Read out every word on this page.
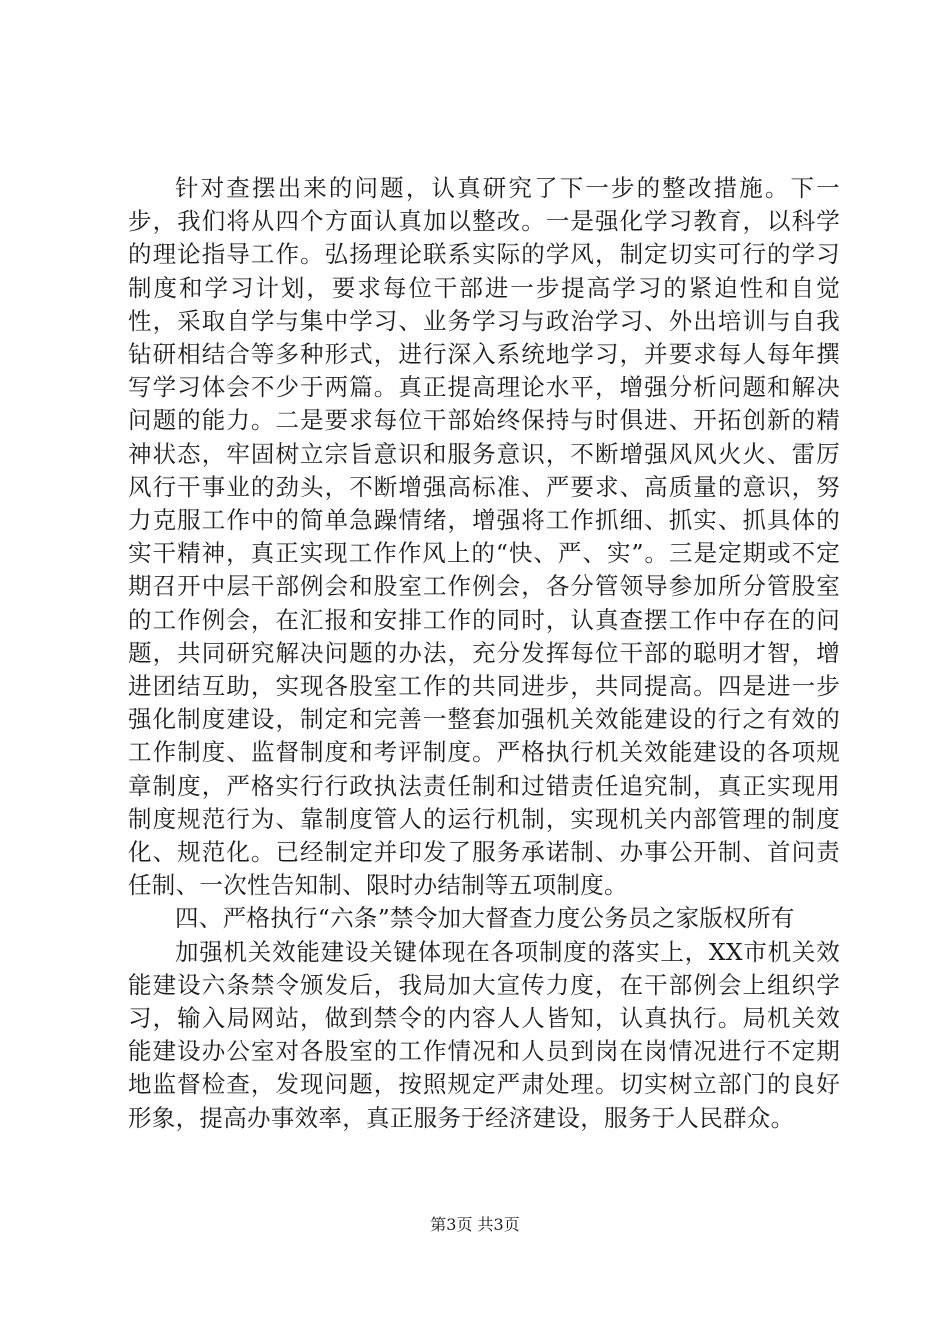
针对查摆出来的问题，认真研究了下一步的整改措施。下一步，我们将从四个方面认真加以整改。一是强化学习教育，以科学的理论指导工作。弘扬理论联系实际的学风，制定切实可行的学习制度和学习计划，要求每位干部进一步提高学习的紧迫性和自觉性，采取自学与集中学习、业务学习与政治学习、外出培训与自我钻研相结合等多种形式，进行深入系统地学习，并要求每人每年撰写学习体会不少于两篇。真正提高理论水平，增强分析问题和解决问题的能力。二是要求每位干部始终保持与时俱进、开拓创新的精神状态，牢固树立宗旨意识和服务意识，不断增强风风火火、雷厉风行干事业的劲头，不断增强高标准、严要求、高质量的意识，努力克服工作中的简单急躁情绪，增强将工作抓细、抓实、抓具体的实干精神，真正实现工作作风上的“快、严、实”。三是定期或不定期召开中层干部例会和股室工作例会，各分管领导参加所分管股室的工作例会，在汇报和安排工作的同时，认真查摆工作中存在的问题，共同研究解决问题的办法，充分发挥每位干部的聪明才智，增进团结互助，实现各股室工作的共同进步，共同提高。四是进一步强化制度建设，制定和完善一整套加强机关效能建设的行之有效的工作制度、监督制度和考评制度。严格执行机关效能建设的各项规章制度，严格实行行政执法责任制和过错责任追究制，真正实现用制度规范行为、靠制度管人的运行机制，实现机关内部管理的制度化、规范化。已经制定并印发了服务承诺制、办事公开制、首问责任制、一次性告知制、限时办结制等五项制度。

四、严格执行“六条”禁令加大督查力度公务员之家版权所有

加强机关效能建设关键体现在各项制度的落实上，XX市机关效能建设六条禁令颁发后，我局加大宣传力度，在干部例会上组织学习，输入局网站，做到禁令的内容人人皆知，认真执行。局机关效能建设办公室对各股室的工作情况和人员到岗在岗情况进行不定期地监督检查，发现问题，按照规定严肃处理。切实树立部门的良好形象，提高办事效率，真正服务于经济建设，服务于人民群众。

第3页 共3页
